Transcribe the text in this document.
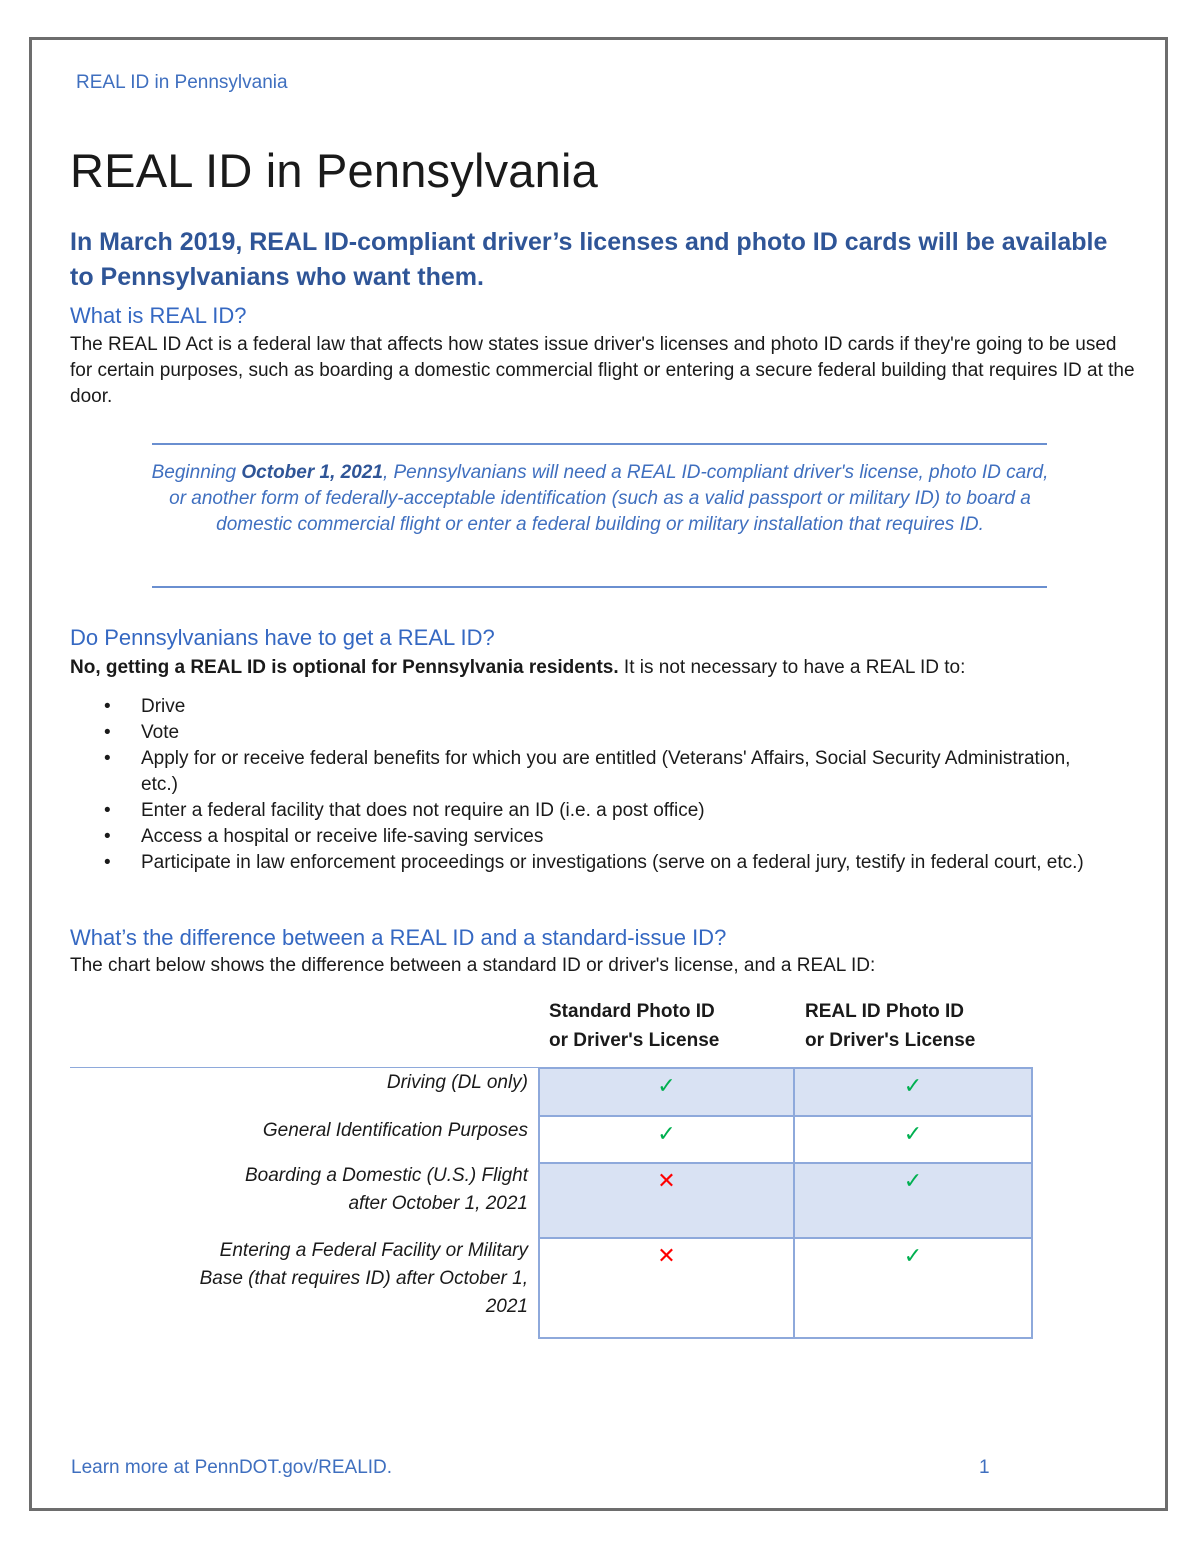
REAL ID in Pennsylvania
REAL ID in Pennsylvania

In March 2019, REAL ID-compliant driver’s licenses and photo ID cards will be available to Pennsylvanians who want them.

What is REAL ID?

The REAL ID Act is a federal law that affects how states issue driver's licenses and photo ID cards if they're going to be used for certain purposes, such as boarding a domestic commercial flight or entering a secure federal building that requires ID at the door.

Beginning October 1, 2021, Pennsylvanians will need a REAL ID-compliant driver's license, photo ID card, or another form of federally-acceptable identification (such as a valid passport or military ID) to board a domestic commercial flight or enter a federal building or military installation that requires ID.

Do Pennsylvanians have to get a REAL ID?

No, getting a REAL ID is optional for Pennsylvania residents. It is not necessary to have a REAL ID to:

• Drive
• Vote
• Apply for or receive federal benefits for which you are entitled (Veterans' Affairs, Social Security Administration, etc.)
• Enter a federal facility that does not require an ID (i.e. a post office)
• Access a hospital or receive life-saving services
• Participate in law enforcement proceedings or investigations (serve on a federal jury, testify in federal court, etc.)
What’s the difference between a REAL ID and a standard-issue ID?

The chart below shows the difference between a standard ID or driver's license, and a REAL ID:

Standard Photo ID
or Driver's License
REAL ID Photo ID
or Driver's License
Driving (DL only)	✓	✓
General Identification Purposes	✓	✓
Boarding a Domestic (U.S.) Flight
after October 1, 2021
✕	✓
Entering a Federal Facility or Military
Base (that requires ID) after October 1,
2021
✕	✓
Learn more at PennDOT.gov/REALID.	1
